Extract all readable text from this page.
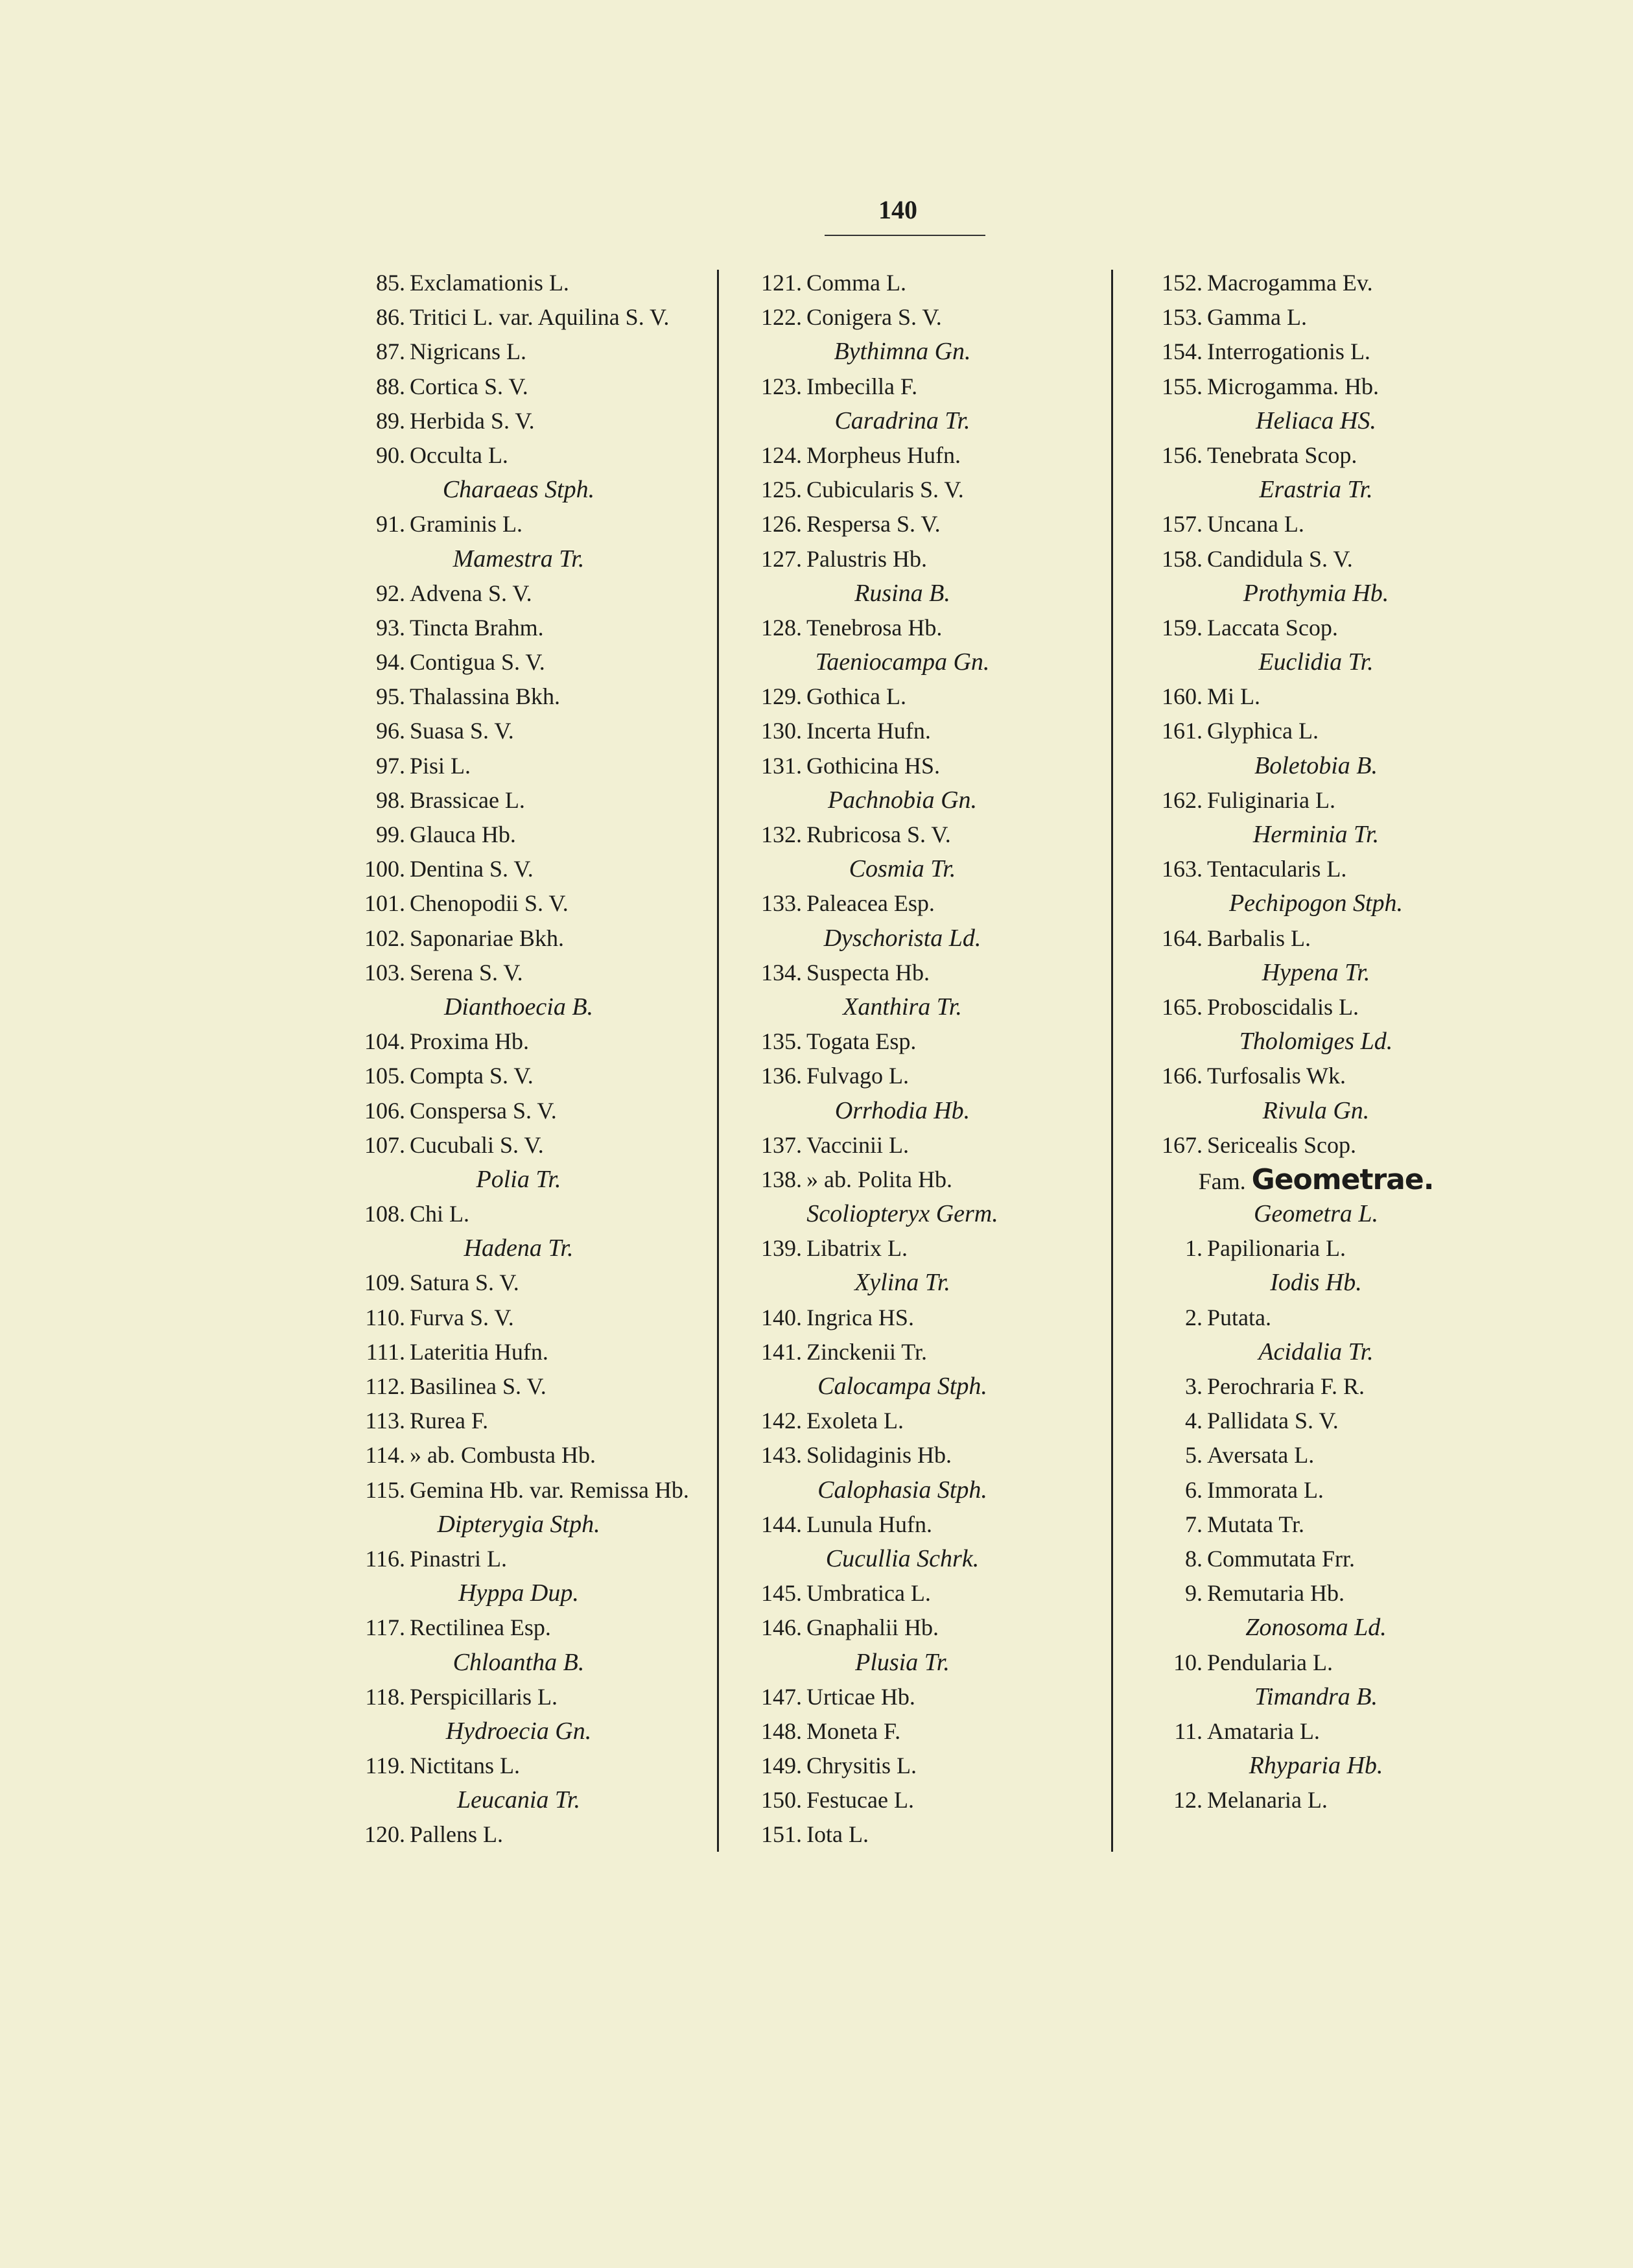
140
85. Exclamationis L.
86. Tritici L. var. Aquilina S. V.
87. Nigricans L.
88. Cortica S. V.
89. Herbida S. V.
90. Occulta L.
Charaeas Stph.
91. Graminis L.
Mamestra Tr.
92. Advena S. V.
93. Tincta Brahm.
94. Contigua S. V.
95. Thalassina Bkh.
96. Suasa S. V.
97. Pisi L.
98. Brassicae L.
99. Glauca Hb.
100. Dentina S. V.
101. Chenopodii S. V.
102. Saponariae Bkh.
103. Serena S. V.
Dianthoecia B.
104. Proxima Hb.
105. Compta S. V.
106. Conspersa S. V.
107. Cucubali S. V.
Polia Tr.
108. Chi L.
Hadena Tr.
109. Satura S. V.
110. Furva S. V.
111. Lateritia Hufn.
112. Basilinea S. V.
113. Rurea F.
114. » ab. Combusta Hb.
115. Gemina Hb. var. Remissa Hb.
Dipterygia Stph.
116. Pinastri L.
Hyppa Dup.
117. Rectilinea Esp.
Chloantha B.
118. Perspicillaris L.
Hydroecia Gn.
119. Nictitans L.
Leucania Tr.
120. Pallens L.
121. Comma L.
122. Conigera S. V.
Bythimna Gn.
123. Imbecilla F.
Caradrina Tr.
124. Morpheus Hufn.
125. Cubicularis S. V.
126. Respersa S. V.
127. Palustris Hb.
Rusina B.
128. Tenebrosa Hb.
Taeniocampa Gn.
129. Gothica L.
130. Incerta Hufn.
131. Gothicina HS.
Pachnobia Gn.
132. Rubricosa S. V.
Cosmia Tr.
133. Paleacea Esp.
Dyschorista Ld.
134. Suspecta Hb.
Xanthira Tr.
135. Togata Esp.
136. Fulvago L.
Orrhodia Hb.
137. Vaccinii L.
138. » ab. Polita Hb.
Scoliopteryx Germ.
139. Libatrix L.
Xylina Tr.
140. Ingrica HS.
141. Zinckenii Tr.
Calocampa Stph.
142. Exoleta L.
143. Solidaginis Hb.
Calophasia Stph.
144. Lunula Hufn.
Cucullia Schrk.
145. Umbratica L.
146. Gnaphalii Hb.
Plusia Tr.
147. Urticae Hb.
148. Moneta F.
149. Chrysitis L.
150. Festucae L.
151. Iota L.
152. Macrogamma Ev.
153. Gamma L.
154. Interrogationis L.
155. Microgamma. Hb.
Heliaca HS.
156. Tenebrata Scop.
Erastria Tr.
157. Uncana L.
158. Candidula S. V.
Prothymia Hb.
159. Laccata Scop.
Euclidia Tr.
160. Mi L.
161. Glyphica L.
Boletobia B.
162. Fuliginaria L.
Herminia Tr.
163. Tentacularis L.
Pechipogon Stph.
164. Barbalis L.
Hypena Tr.
165. Proboscidalis L.
Tholomiges Ld.
166. Turfosalis Wk.
Rivula Gn.
167. Sericealis Scop.
Fam. Geometrae.
Geometra L.
1. Papilionaria L.
Iodis Hb.
2. Putata.
Acidalia Tr.
3. Perochraria F. R.
4. Pallidata S. V.
5. Aversata L.
6. Immorata L.
7. Mutata Tr.
8. Commutata Frr.
9. Remutaria Hb.
Zonosoma Ld.
10. Pendularia L.
Timandra B.
11. Amataria L.
Rhyparia Hb.
12. Melanaria L.
